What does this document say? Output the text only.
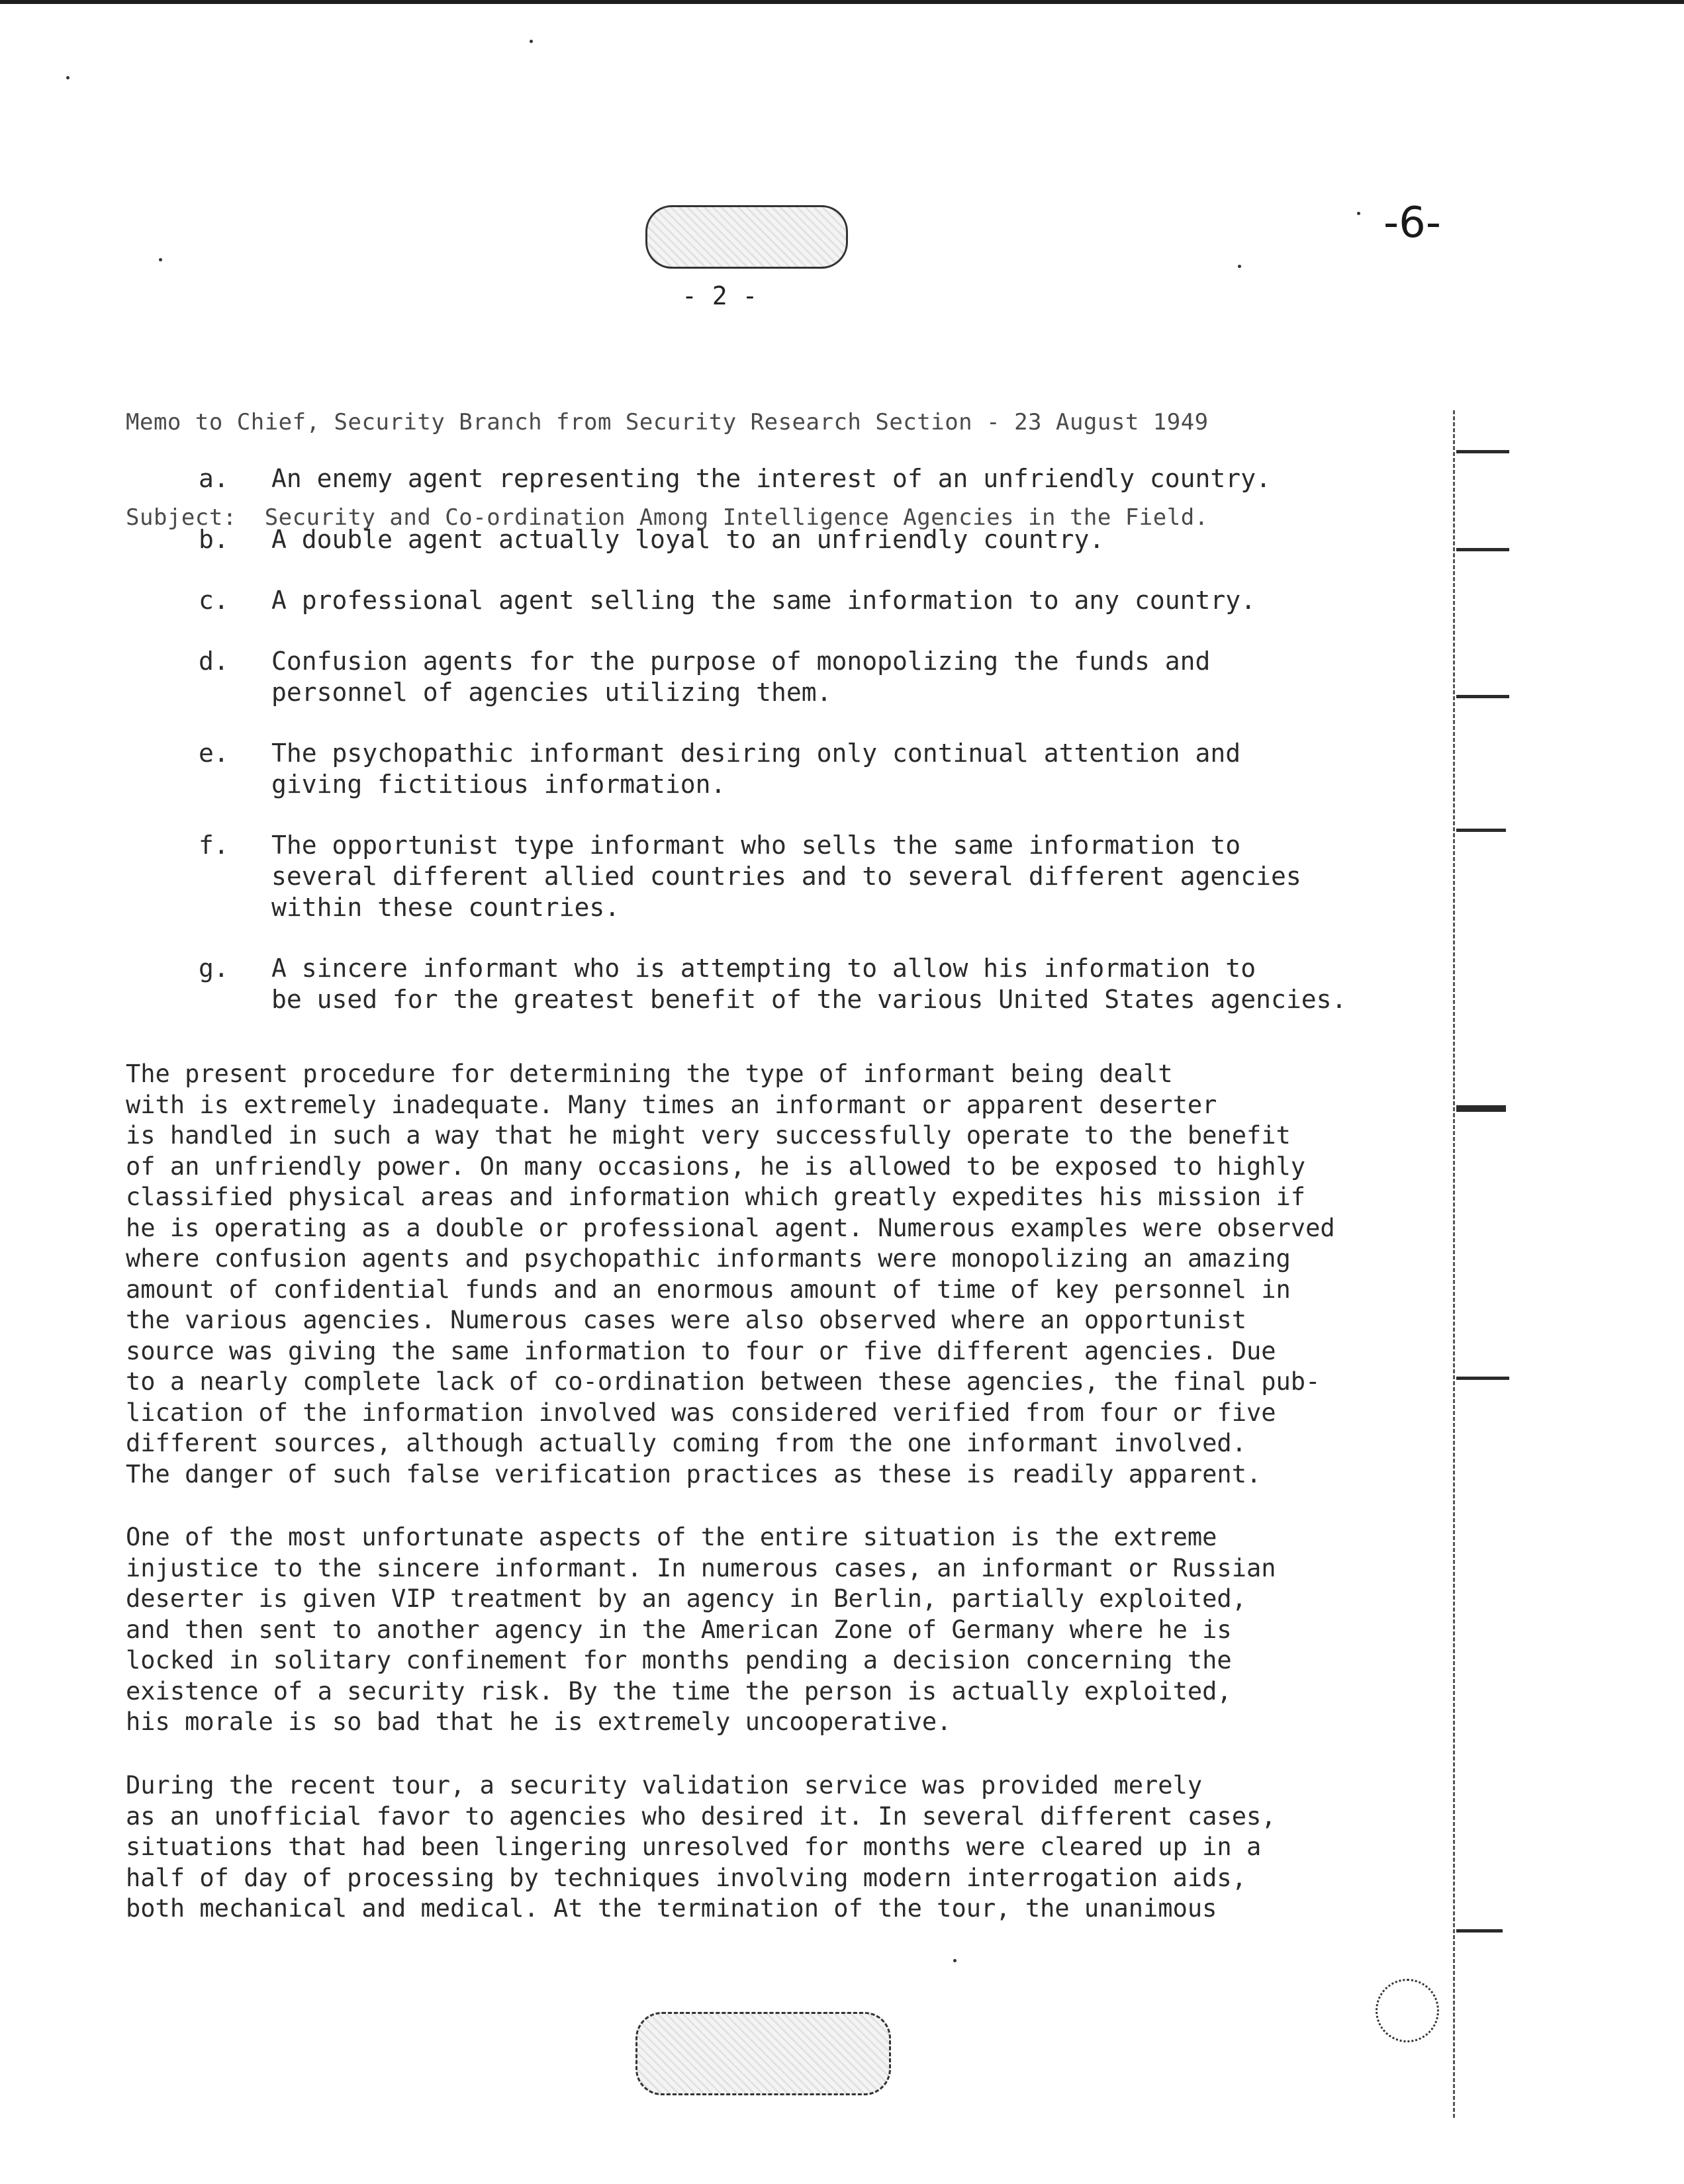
-6-
- 2 -

Memo to Chief, Security Branch from Security Research Section - 23 August 1949

Subject:  Security and Co-ordination Among Intelligence Agencies in the Field.

a.	An enemy agent representing the interest of an unfriendly country.
b.	A double agent actually loyal to an unfriendly country.
c.	A professional agent selling the same information to any country.
d.	Confusion agents for the purpose of monopolizing the funds and
personnel of agencies utilizing them.
e.	The psychopathic informant desiring only continual attention and
giving fictitious information.
f.	The opportunist type informant who sells the same information to
several different allied countries and to several different agencies
within these countries.
g.	A sincere informant who is attempting to allow his information to
be used for the greatest benefit of the various United States agencies.
The present procedure for determining the type of informant being dealt
with is extremely inadequate. Many times an informant or apparent deserter
is handled in such a way that he might very successfully operate to the benefit
of an unfriendly power. On many occasions, he is allowed to be exposed to highly
classified physical areas and information which greatly expedites his mission if
he is operating as a double or professional agent. Numerous examples were observed
where confusion agents and psychopathic informants were monopolizing an amazing
amount of confidential funds and an enormous amount of time of key personnel in
the various agencies. Numerous cases were also observed where an opportunist
source was giving the same information to four or five different agencies. Due
to a nearly complete lack of co-ordination between these agencies, the final pub-
lication of the information involved was considered verified from four or five
different sources, although actually coming from the one informant involved.
The danger of such false verification practices as these is readily apparent.
One of the most unfortunate aspects of the entire situation is the extreme
injustice to the sincere informant. In numerous cases, an informant or Russian
deserter is given VIP treatment by an agency in Berlin, partially exploited,
and then sent to another agency in the American Zone of Germany where he is
locked in solitary confinement for months pending a decision concerning the
existence of a security risk. By the time the person is actually exploited,
his morale is so bad that he is extremely uncooperative.
During the recent tour, a security validation service was provided merely
as an unofficial favor to agencies who desired it. In several different cases,
situations that had been lingering unresolved for months were cleared up in a
half of day of processing by techniques involving modern interrogation aids,
both mechanical and medical. At the termination of the tour, the unanimous
